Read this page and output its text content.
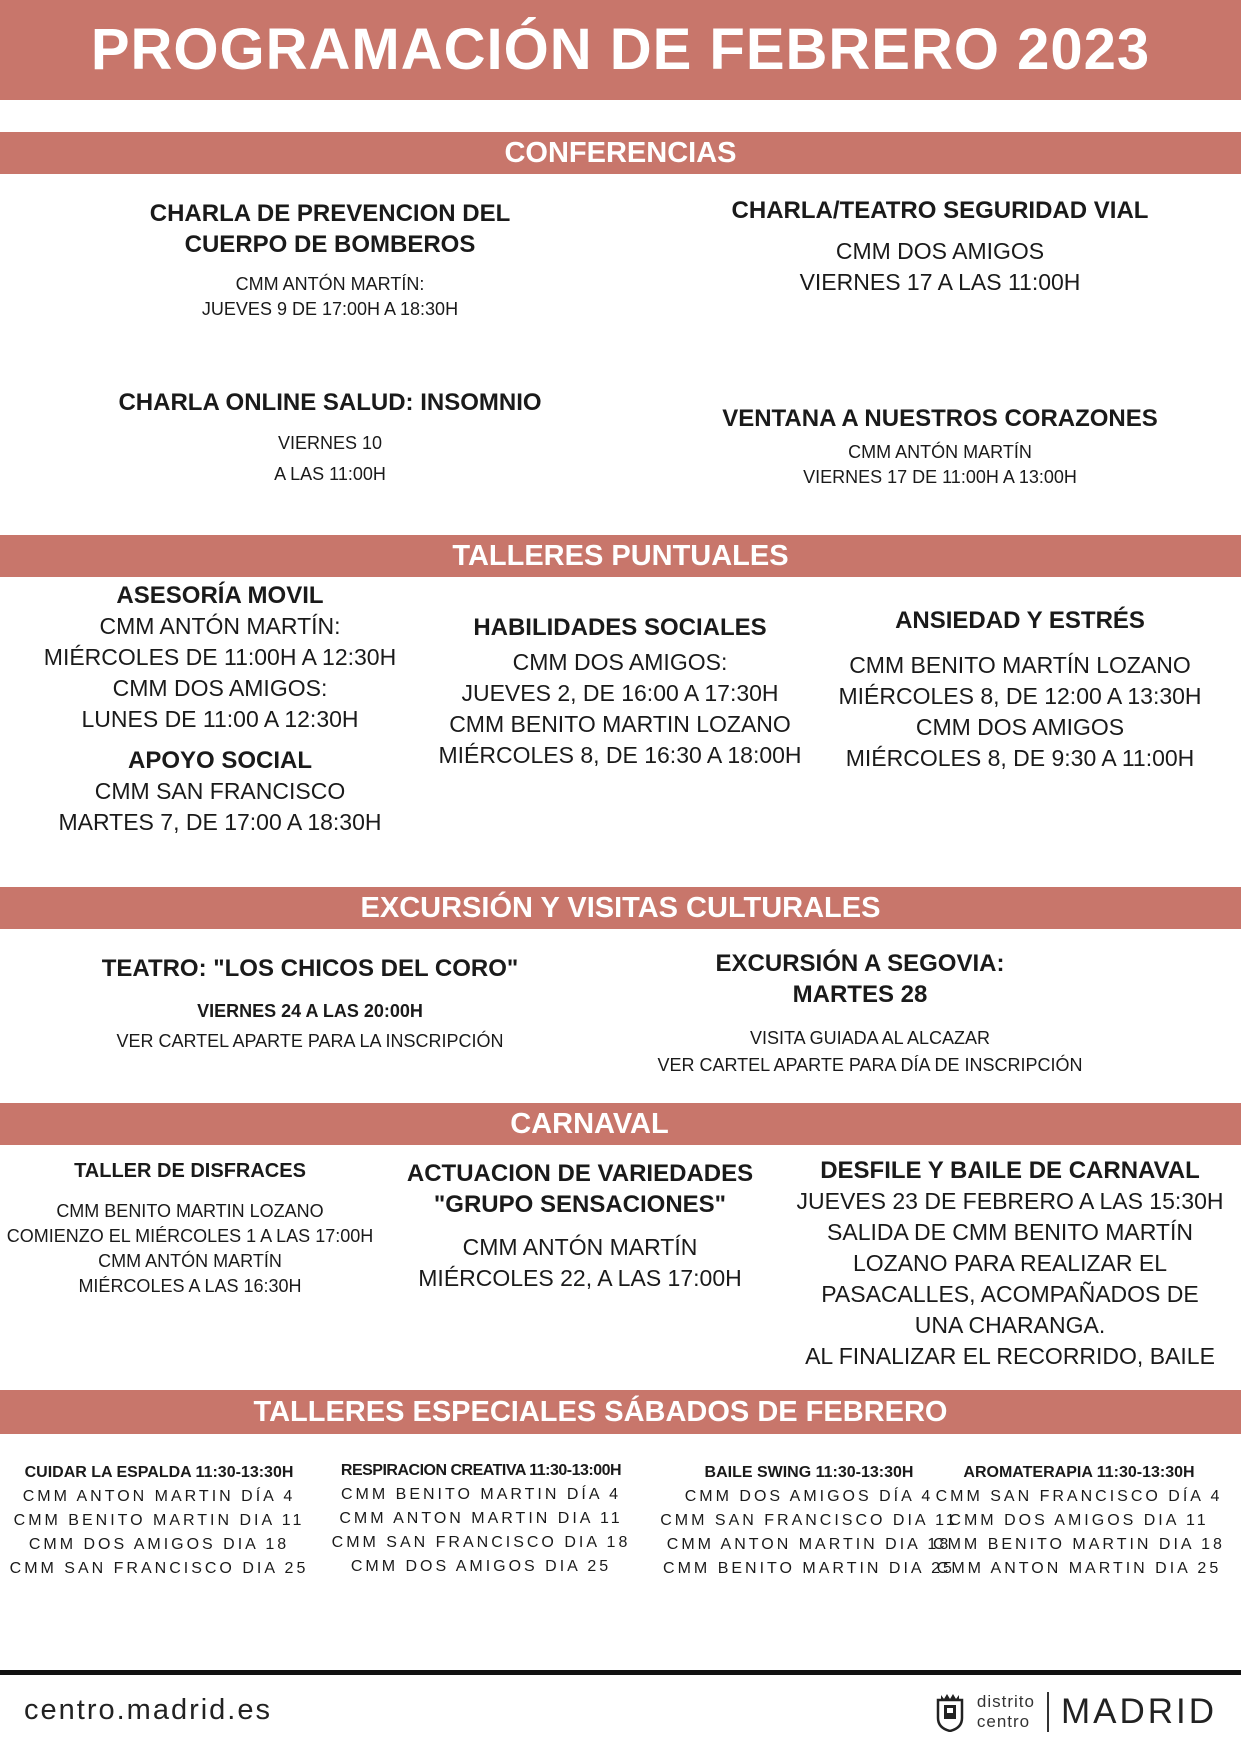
PROGRAMACIÓN DE FEBRERO 2023
CONFERENCIAS
CHARLA DE PREVENCION DEL
CUERPO DE BOMBEROS
CMM ANTÓN MARTÍN:
JUEVES 9 DE 17:00H A 18:30H
CHARLA/TEATRO SEGURIDAD VIAL
CMM DOS AMIGOS
VIERNES 17 A LAS 11:00H
CHARLA ONLINE SALUD: INSOMNIO
VIERNES 10
A LAS 11:00H
VENTANA A NUESTROS CORAZONES
CMM ANTÓN MARTÍN
VIERNES 17 DE 11:00H A 13:00H
TALLERES PUNTUALES
ASESORÍA MOVIL
CMM ANTÓN MARTÍN:
MIÉRCOLES DE 11:00H A 12:30H
CMM DOS AMIGOS:
LUNES DE 11:00 A 12:30H
APOYO SOCIAL
CMM SAN FRANCISCO
MARTES 7, DE 17:00 A 18:30H
HABILIDADES SOCIALES
CMM DOS AMIGOS:
JUEVES 2, DE 16:00 A 17:30H
CMM BENITO MARTIN LOZANO
MIÉRCOLES 8, DE 16:30 A 18:00H
ANSIEDAD Y ESTRÉS
CMM BENITO MARTÍN LOZANO
MIÉRCOLES 8, DE 12:00 A 13:30H
CMM DOS AMIGOS
MIÉRCOLES 8, DE 9:30 A 11:00H
EXCURSIÓN Y VISITAS CULTURALES
TEATRO: "LOS CHICOS DEL CORO"
VIERNES 24 A LAS 20:00H
VER CARTEL APARTE PARA LA INSCRIPCIÓN
EXCURSIÓN A SEGOVIA:
MARTES 28
VISITA GUIADA AL ALCAZAR
VER CARTEL APARTE PARA DÍA DE INSCRIPCIÓN
CARNAVAL
TALLER DE DISFRACES
CMM BENITO MARTIN LOZANO
COMIENZO EL MIÉRCOLES 1 A LAS 17:00H
CMM ANTÓN MARTÍN
MIÉRCOLES A LAS 16:30H
ACTUACION DE VARIEDADES
"GRUPO SENSACIONES"
CMM ANTÓN MARTÍN
MIÉRCOLES 22, A LAS 17:00H
DESFILE Y BAILE DE CARNAVAL
JUEVES 23 DE FEBRERO A LAS 15:30H
SALIDA DE CMM BENITO MARTÍN
LOZANO PARA REALIZAR EL
PASACALLES, ACOMPAÑADOS DE
UNA CHARANGA.
AL FINALIZAR EL RECORRIDO, BAILE
TALLERES ESPECIALES SÁBADOS DE FEBRERO
CUIDAR LA ESPALDA 11:30-13:30H
CMM ANTON MARTIN DÍA 4
CMM BENITO MARTIN DIA 11
CMM DOS AMIGOS DIA 18
CMM SAN FRANCISCO DIA 25
RESPIRACION CREATIVA 11:30-13:00H
CMM BENITO MARTIN DÍA 4
CMM ANTON MARTIN DIA 11
CMM SAN FRANCISCO DIA 18
CMM DOS AMIGOS DIA 25
BAILE SWING 11:30-13:30H
CMM DOS AMIGOS DÍA 4
CMM SAN FRANCISCO DIA 11
CMM ANTON MARTIN DIA 18
CMM BENITO MARTIN DIA 25
AROMATERAPIA 11:30-13:30H
CMM SAN FRANCISCO DÍA 4
CMM DOS AMIGOS DIA 11
CMM BENITO MARTIN DIA 18
CMM ANTON MARTIN DIA 25
centro.madrid.es	distrito
centro MADRID
